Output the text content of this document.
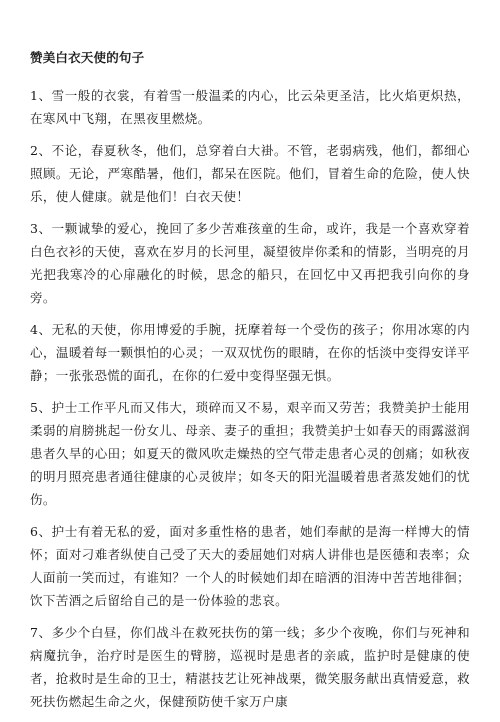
赞美白衣天使的句子

1、雪一般的衣裳，有着雪一般温柔的内心，比云朵更圣洁，比火焰更炽热，在寒风中飞翔，在黑夜里燃烧。

2、不论，春夏秋冬，他们，总穿着白大褂。不管，老弱病残，他们，都细心照顾。无论，严寒酷暑，他们，都呆在医院。他们，冒着生命的危险，使人快乐，使人健康。就是他们！白衣天使！

3、一颗诚挚的爱心，挽回了多少苦难孩童的生命，或许，我是一个喜欢穿着白色衣衫的天使，喜欢在岁月的长河里，凝望彼岸你柔和的情影，当明亮的月光把我寒冷的心扉融化的时候，思念的船只，在回忆中又再把我引向你的身旁。

4、无私的天使，你用博爱的手腕，抚摩着每一个受伤的孩子；你用冰寒的内心，温暖着每一颗惧怕的心灵；一双双忧伤的眼睛，在你的恬淡中变得安详平静；一张张恐慌的面孔，在你的仁爱中变得坚强无惧。

5、护士工作平凡而又伟大，琐碎而又不易，艰辛而又劳苦；我赞美护士能用柔弱的肩膀挑起一份女儿、母亲、妻子的重担；我赞美护士如春天的雨露滋润患者久旱的心田；如夏天的微风吹走燥热的空气带走患者心灵的创痛；如秋夜的明月照亮患者通往健康的心灵彼岸；如冬天的阳光温暖着患者蒸发她们的忧伤。

6、护士有着无私的爱，面对多重性格的患者，她们奉献的是海一样博大的情怀；面对刁难者纵使自己受了天大的委屈她们对病人讲俳也是医德和表率；众人面前一笑而过，有谁知？一个人的时候她们却在暗洒的泪涛中苦苦地徘徊；饮下苦酒之后留给自己的是一份体验的悲哀。

7、多少个白昼，你们战斗在救死扶伤的第一线；多少个夜晚，你们与死神和病魔抗争，治疗时是医生的臂膀，巡视时是患者的亲戚，监护时是健康的使者，抢救时是生命的卫士，精湛技艺让死神战栗，微笑服务献出真情爱意，救死扶伤燃起生命之火，保健预防使千家万户康
